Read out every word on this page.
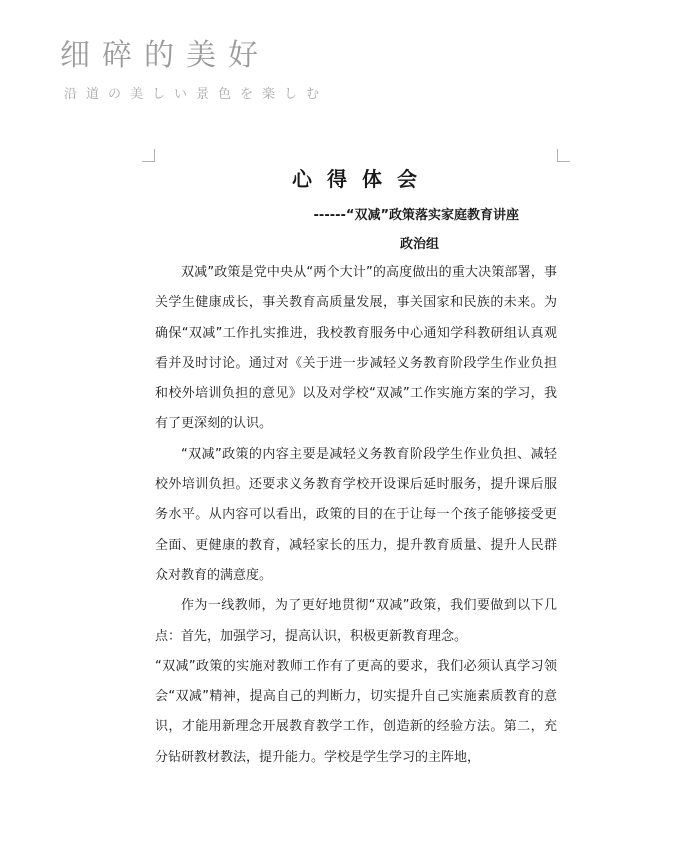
细碎的美好
沿道の美しい景色を楽しむ
心得体会
------“双减”政策落实家庭教育讲座
政治组

双减”政策是党中央从“两个大计”的高度做出的重大决策部署，事关学生健康成长，事关教育高质量发展，事关国家和民族的未来。为确保“双减”工作扎实推进，我校教育服务中心通知学科教研组认真观看并及时讨论。通过对《关于进一步减轻义务教育阶段学生作业负担和校外培训负担的意见》以及对学校“双减”工作实施方案的学习，我有了更深刻的认识。

“双减”政策的内容主要是减轻义务教育阶段学生作业负担、减轻校外培训负担。还要求义务教育学校开设课后延时服务，提升课后服务水平。从内容可以看出，政策的目的在于让每一个孩子能够接受更全面、更健康的教育，减轻家长的压力，提升教育质量、提升人民群众对教育的满意度。

作为一线教师，为了更好地贯彻“双减”政策，我们要做到以下几点：首先，加强学习，提高认识，积极更新教育理念。

“双减”政策的实施对教师工作有了更高的要求，我们必须认真学习领会“双减”精神，提高自己的判断力，切实提升自己实施素质教育的意识，才能用新理念开展教育教学工作，创造新的经验方法。第二，充分钻研教材教法，提升能力。学校是学生学习的主阵地，
